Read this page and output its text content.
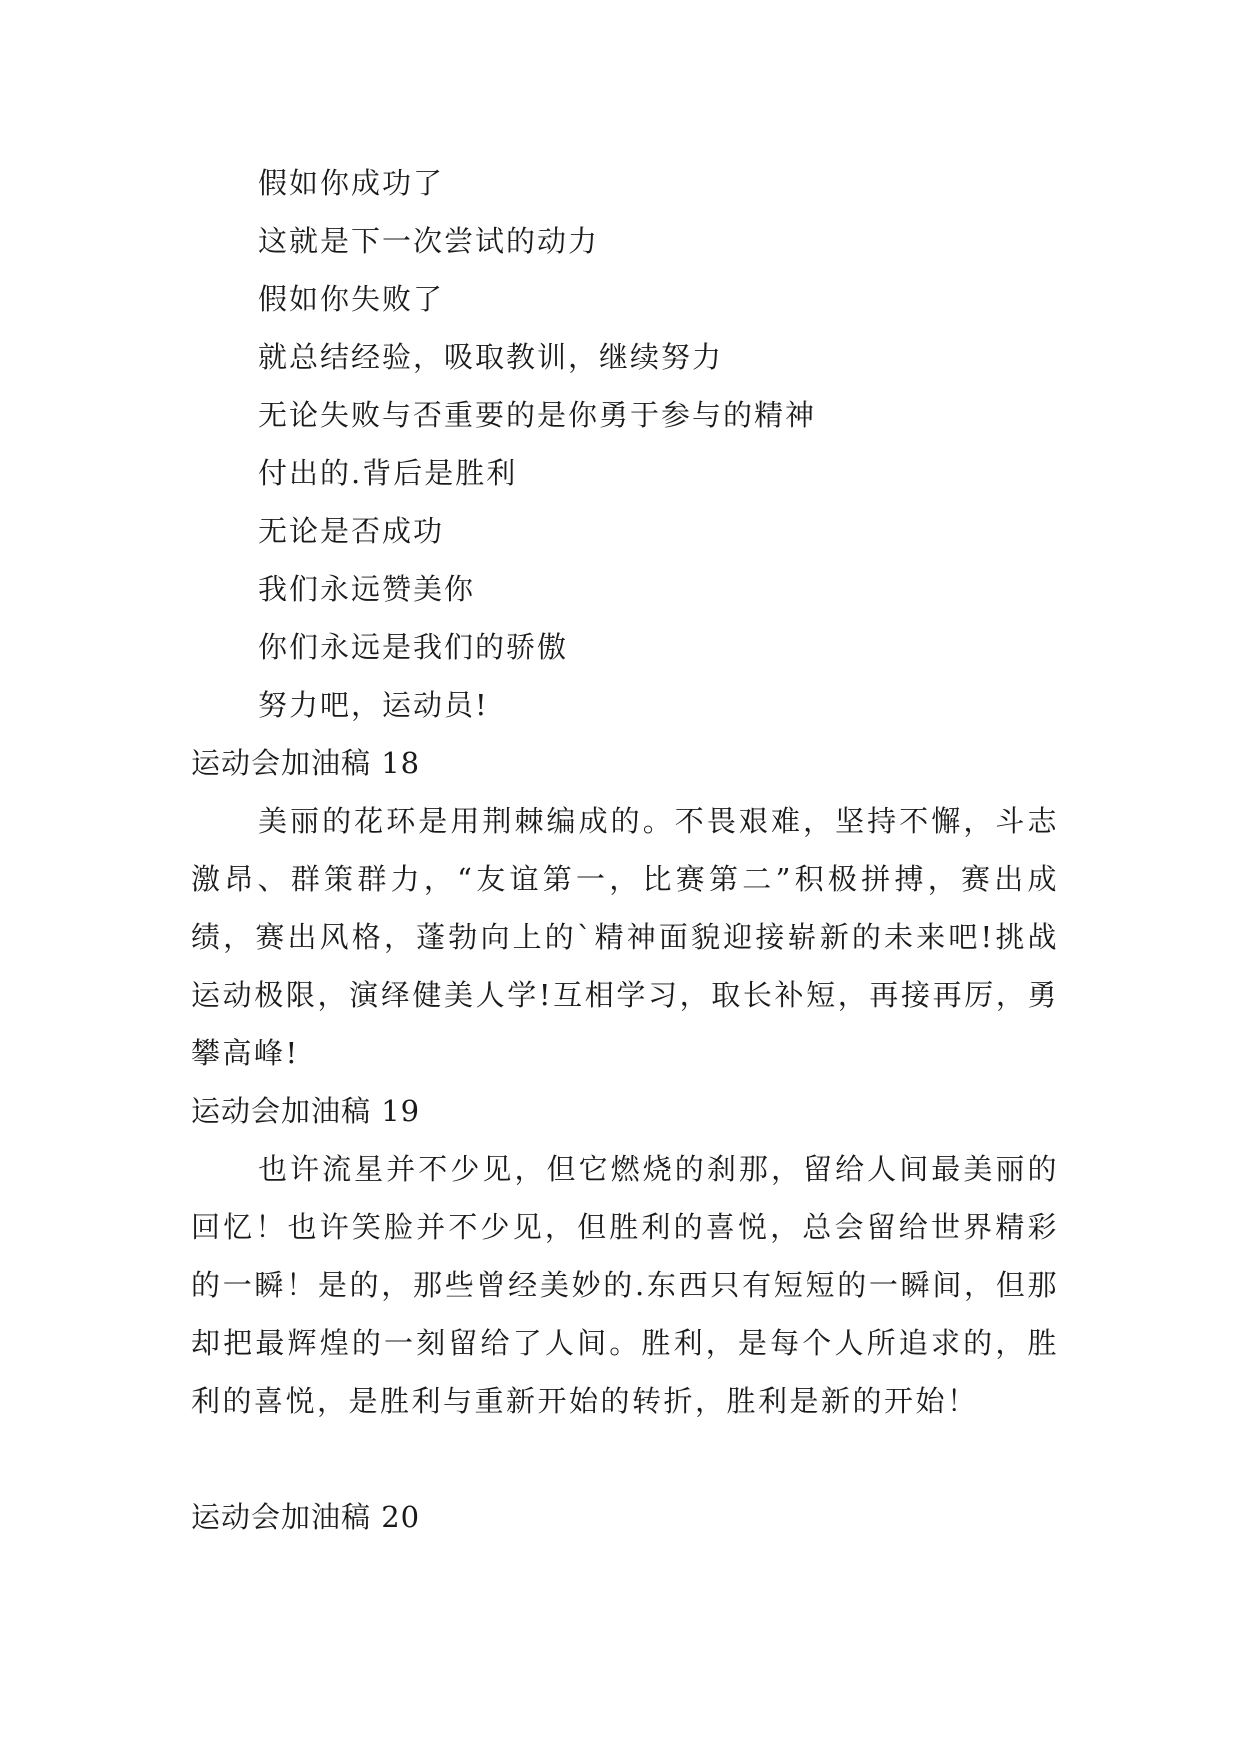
假如你成功了
这就是下一次尝试的动力
假如你失败了
就总结经验，吸取教训，继续努力
无论失败与否重要的是你勇于参与的精神
付出的.背后是胜利
无论是否成功
我们永远赞美你
你们永远是我们的骄傲
努力吧，运动员!
运动会加油稿 18

美丽的花环是用荆棘编成的。不畏艰难，坚持不懈，斗志激昂、群策群力，“友谊第一，比赛第二”积极拼搏，赛出成绩，赛出风格，蓬勃向上的`精神面貌迎接崭新的未来吧!挑战运动极限，演绎健美人学!互相学习，取长补短，再接再厉，勇攀高峰!

运动会加油稿 19

也许流星并不少见，但它燃烧的刹那，留给人间最美丽的回忆！也许笑脸并不少见，但胜利的喜悦，总会留给世界精彩的一瞬！是的，那些曾经美妙的.东西只有短短的一瞬间，但那却把最辉煌的一刻留给了人间。胜利，是每个人所追求的，胜利的喜悦，是胜利与重新开始的转折，胜利是新的开始！

运动会加油稿 20
